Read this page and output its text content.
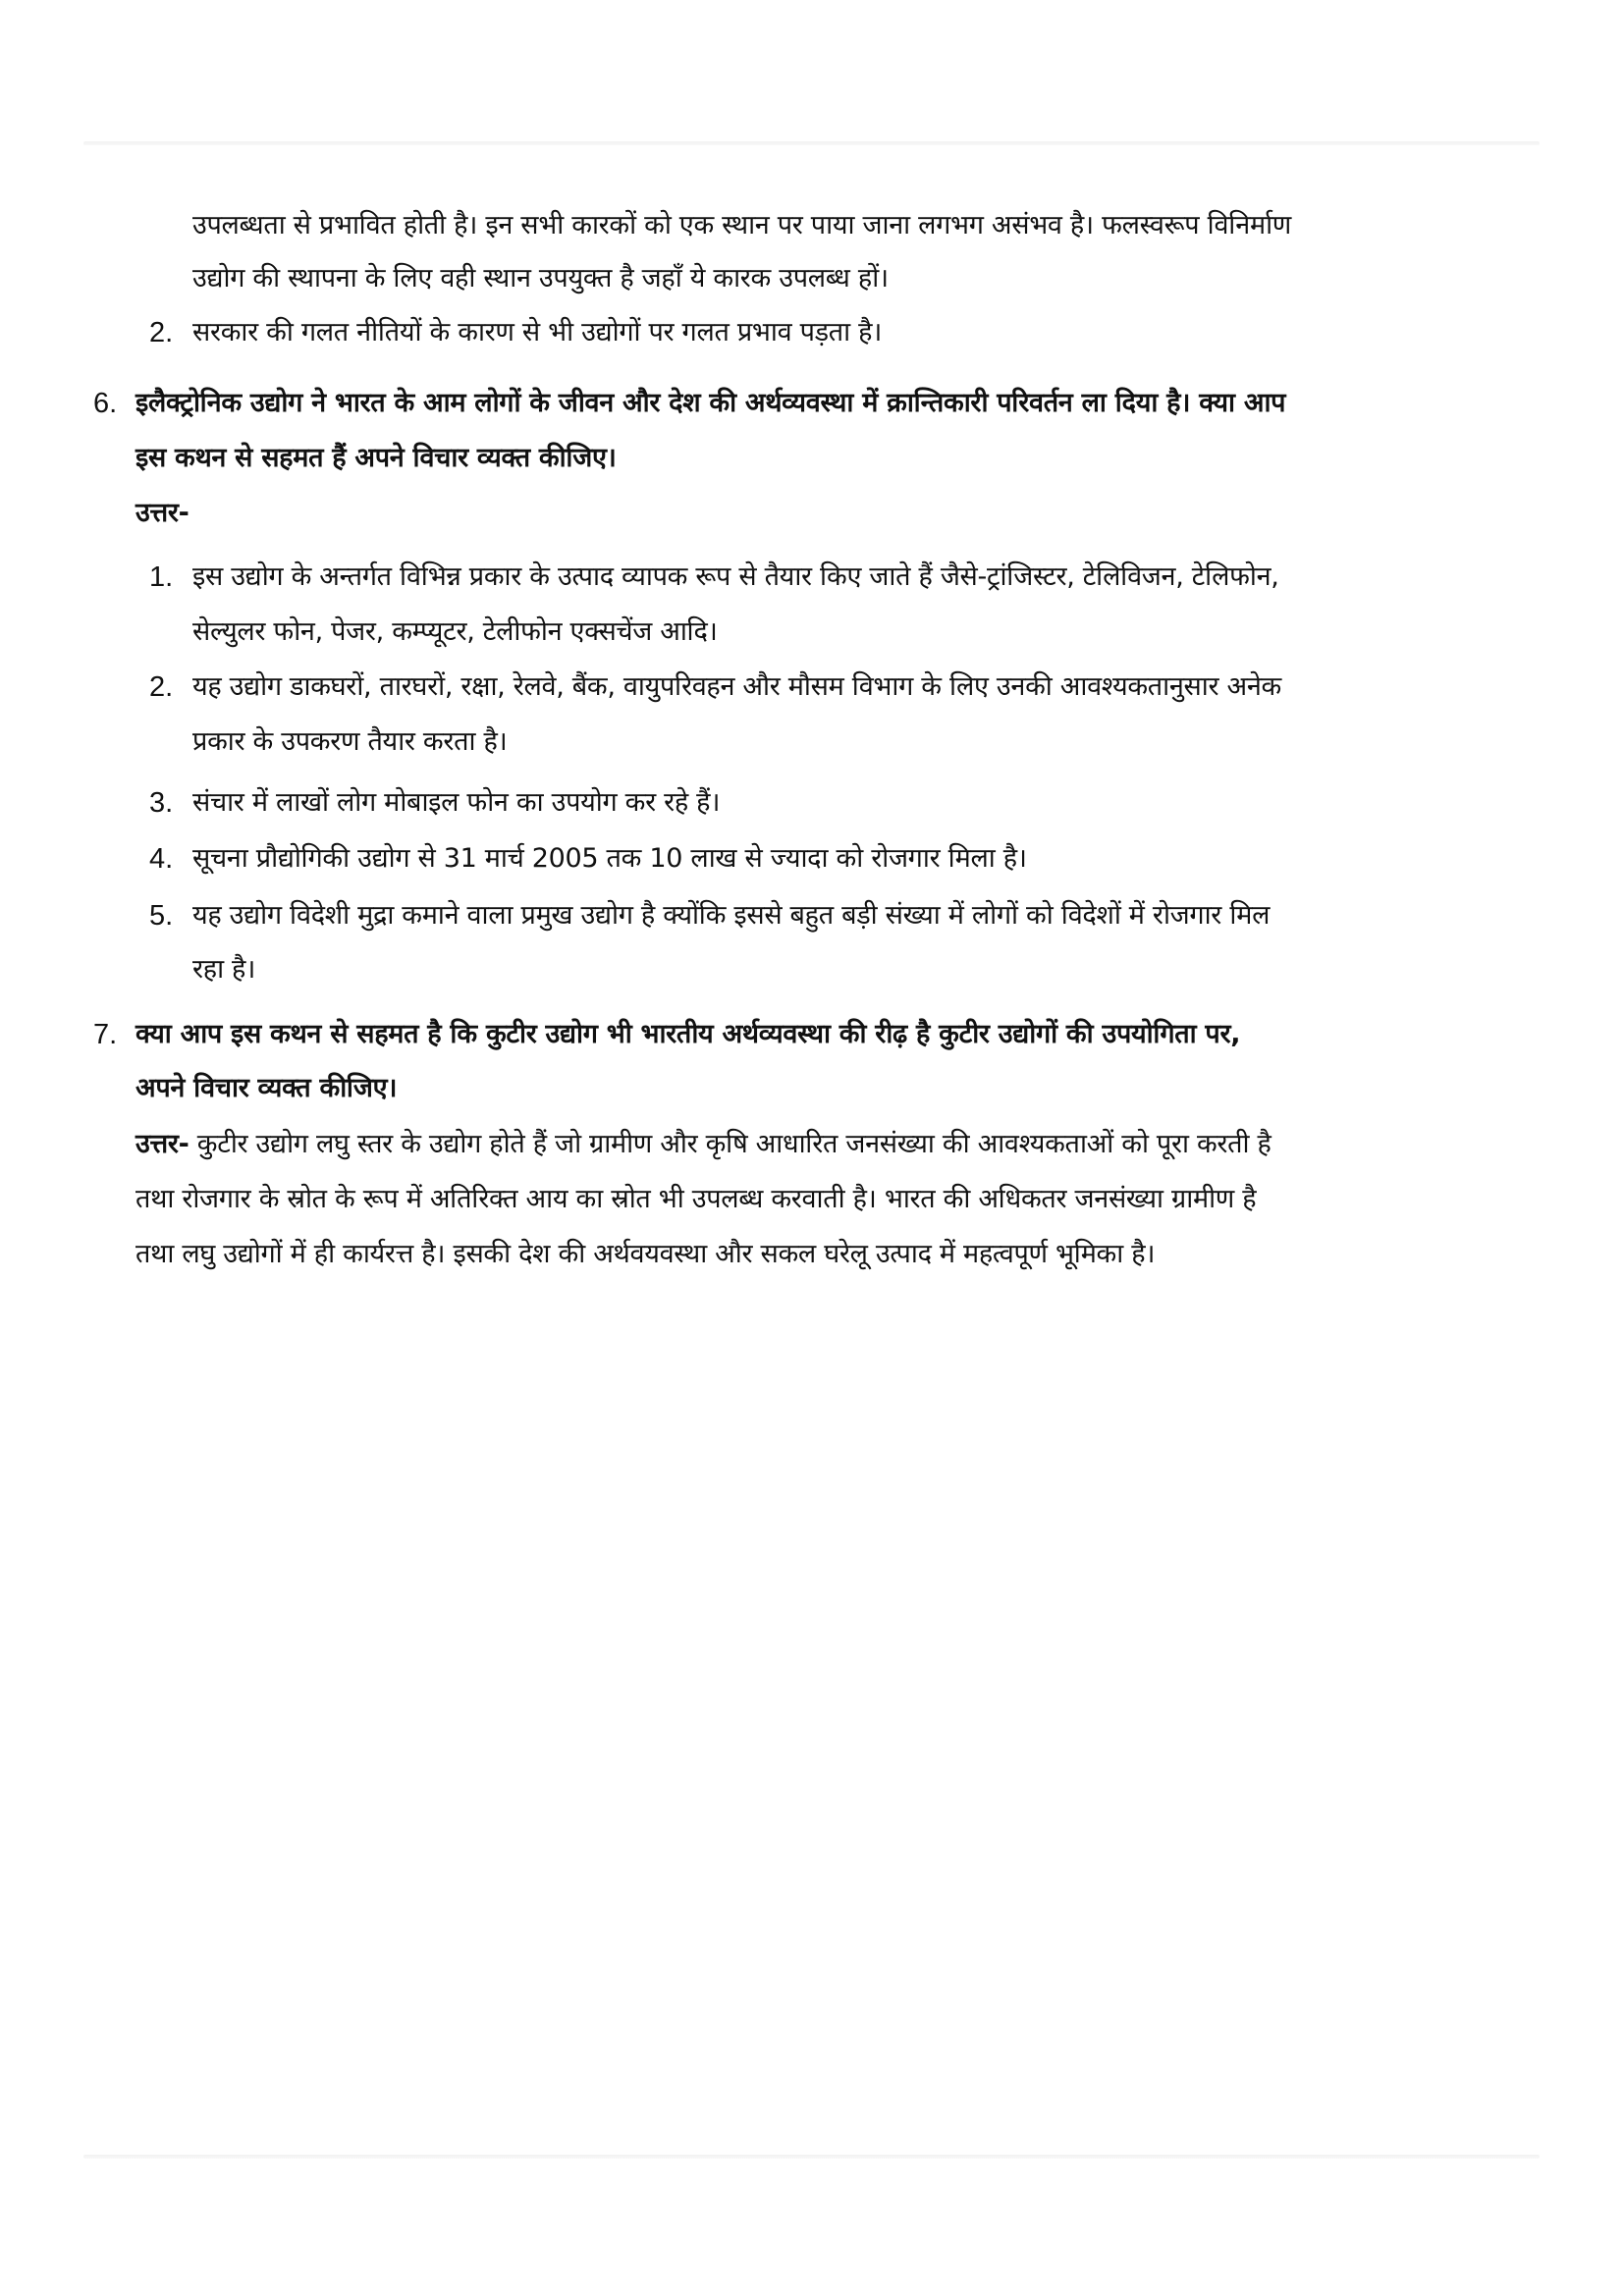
उपलब्धता से प्रभावित होती है। इन सभी कारकों को एक स्थान पर पाया जाना लगभग असंभव है। फलस्वरूप विनिर्माण
उद्योग की स्थापना के लिए वही स्थान उपयुक्त है जहाँ ये कारक उपलब्ध हों।
2. सरकार की गलत नीतियों के कारण से भी उद्योगों पर गलत प्रभाव पड़ता है।
6. इलैक्ट्रोनिक उद्योग ने भारत के आम लोगों के जीवन और देश की अर्थव्यवस्था में क्रान्तिकारी परिवर्तन ला दिया है। क्या आप
इस कथन से सहमत हैं अपने विचार व्यक्त कीजिए।
उत्तर-
1. इस उद्योग के अन्तर्गत विभिन्न प्रकार के उत्पाद व्यापक रूप से तैयार किए जाते हैं जैसे-ट्रांजिस्टर, टेलिविजन, टेलिफोन,
सेल्युलर फोन, पेजर, कम्प्यूटर, टेलीफोन एक्सचेंज आदि।
2. यह उद्योग डाकघरों, तारघरों, रक्षा, रेलवे, बैंक, वायुपरिवहन और मौसम विभाग के लिए उनकी आवश्यकतानुसार अनेक
प्रकार के उपकरण तैयार करता है।
3. संचार में लाखों लोग मोबाइल फोन का उपयोग कर रहे हैं।
4. सूचना प्रौद्योगिकी उद्योग से 31 मार्च 2005 तक 10 लाख से ज्यादा को रोजगार मिला है।
5. यह उद्योग विदेशी मुद्रा कमाने वाला प्रमुख उद्योग है क्योंकि इससे बहुत बड़ी संख्या में लोगों को विदेशों में रोजगार मिल
रहा है।
7. क्या आप इस कथन से सहमत है कि कुटीर उद्योग भी भारतीय अर्थव्यवस्था की रीढ़ है कुटीर उद्योगों की उपयोगिता पर,
अपने विचार व्यक्त कीजिए।
उत्तर- कुटीर उद्योग लघु स्तर के उद्योग होते हैं जो ग्रामीण और कृषि आधारित जनसंख्या की आवश्यकताओं को पूरा करती है
तथा रोजगार के स्रोत के रूप में अतिरिक्त आय का स्रोत भी उपलब्ध करवाती है। भारत की अधिकतर जनसंख्या ग्रामीण है
तथा लघु उद्योगों में ही कार्यरत्त है। इसकी देश की अर्थवयवस्था और सकल घरेलू उत्पाद में महत्वपूर्ण भूमिका है।
